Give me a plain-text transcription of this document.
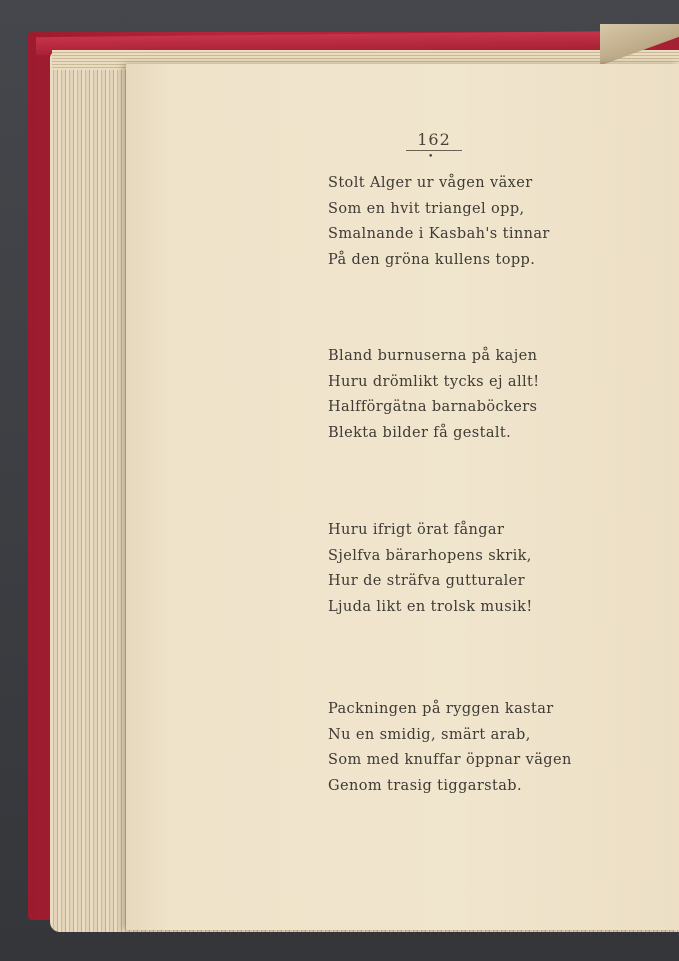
162
•
Stolt Alger ur vågen växer
Som en hvit triangel opp,
Smalnande i Kasbah's tinnar
På den gröna kullens topp.
Bland burnuserna på kajen
Huru drömlikt tycks ej allt!
Halfförgätna barnaböckers
Blekta bilder få gestalt.
Huru ifrigt örat fångar
Sjelfva bärarhopens skrik,
Hur de sträfva gutturaler
Ljuda likt en trolsk musik!
Packningen på ryggen kastar
Nu en smidig, smärt arab,
Som med knuffar öppnar vägen
Genom trasig tiggarstab.
